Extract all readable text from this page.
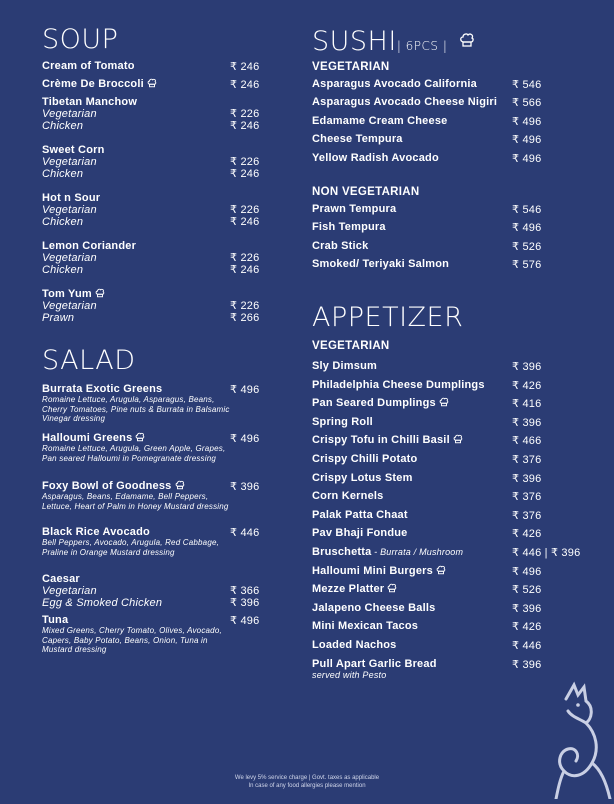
SOUP
Cream of Tomato	₹ 246
Crème De Broccoli	₹ 246
Tibetan Manchow
Vegetarian	₹ 226
Chicken	₹ 246
Sweet Corn
Vegetarian	₹ 226
Chicken	₹ 246
Hot n Sour
Vegetarian	₹ 226
Chicken	₹ 246
Lemon Coriander
Vegetarian	₹ 226
Chicken	₹ 246
Tom Yum
Vegetarian	₹ 226
Prawn	₹ 266
SALAD
Burrata Exotic Greens	₹ 496
Romaine Lettuce, Arugula, Asparagus, Beans, Cherry Tomatoes, Pine nuts & Burrata in Balsamic Vinegar dressing
Halloumi Greens	₹ 496
Romaine Lettuce, Arugula, Green Apple, Grapes, Pan seared Halloumi in Pomegranate dressing
Foxy Bowl of Goodness	₹ 396
Asparagus, Beans, Edamame, Bell Peppers, Lettuce, Heart of Palm in Honey Mustard dressing
Black Rice Avocado	₹ 446
Bell Peppers, Avocado, Arugula, Red Cabbage, Praline in Orange Mustard dressing
Caesar
Vegetarian	₹ 366
Egg & Smoked Chicken	₹ 396
Tuna	₹ 496
Mixed Greens, Cherry Tomato, Olives, Avocado, Capers, Baby Potato, Beans, Onion, Tuna in Mustard dressing
SUSHI| 6PCS |
VEGETARIAN
Asparagus Avocado California	₹ 546
Asparagus Avocado Cheese Nigiri	₹ 566
Edamame Cream Cheese	₹ 496
Cheese Tempura	₹ 496
Yellow Radish Avocado	₹ 496
NON VEGETARIAN
Prawn Tempura	₹ 546
Fish Tempura	₹ 496
Crab Stick	₹ 526
Smoked/ Teriyaki Salmon	₹ 576
APPETIZER
VEGETARIAN
Sly Dimsum	₹ 396
Philadelphia Cheese Dumplings	₹ 426
Pan Seared Dumplings	₹ 416
Spring Roll	₹ 396
Crispy Tofu in Chilli Basil	₹ 466
Crispy Chilli Potato	₹ 376
Crispy Lotus Stem	₹ 396
Corn Kernels	₹ 376
Palak Patta Chaat	₹ 376
Pav Bhaji Fondue	₹ 426
Bruschetta - Burrata / Mushroom	₹ 446 | ₹ 396
Halloumi Mini Burgers	₹ 496
Mezze Platter	₹ 526
Jalapeno Cheese Balls	₹ 396
Mini Mexican Tacos	₹ 426
Loaded Nachos	₹ 446
Pull Apart Garlic Bread	₹ 396
served with Pesto
We levy 5% service charge | Govt. taxes as applicable
In case of any food allergies please mention
